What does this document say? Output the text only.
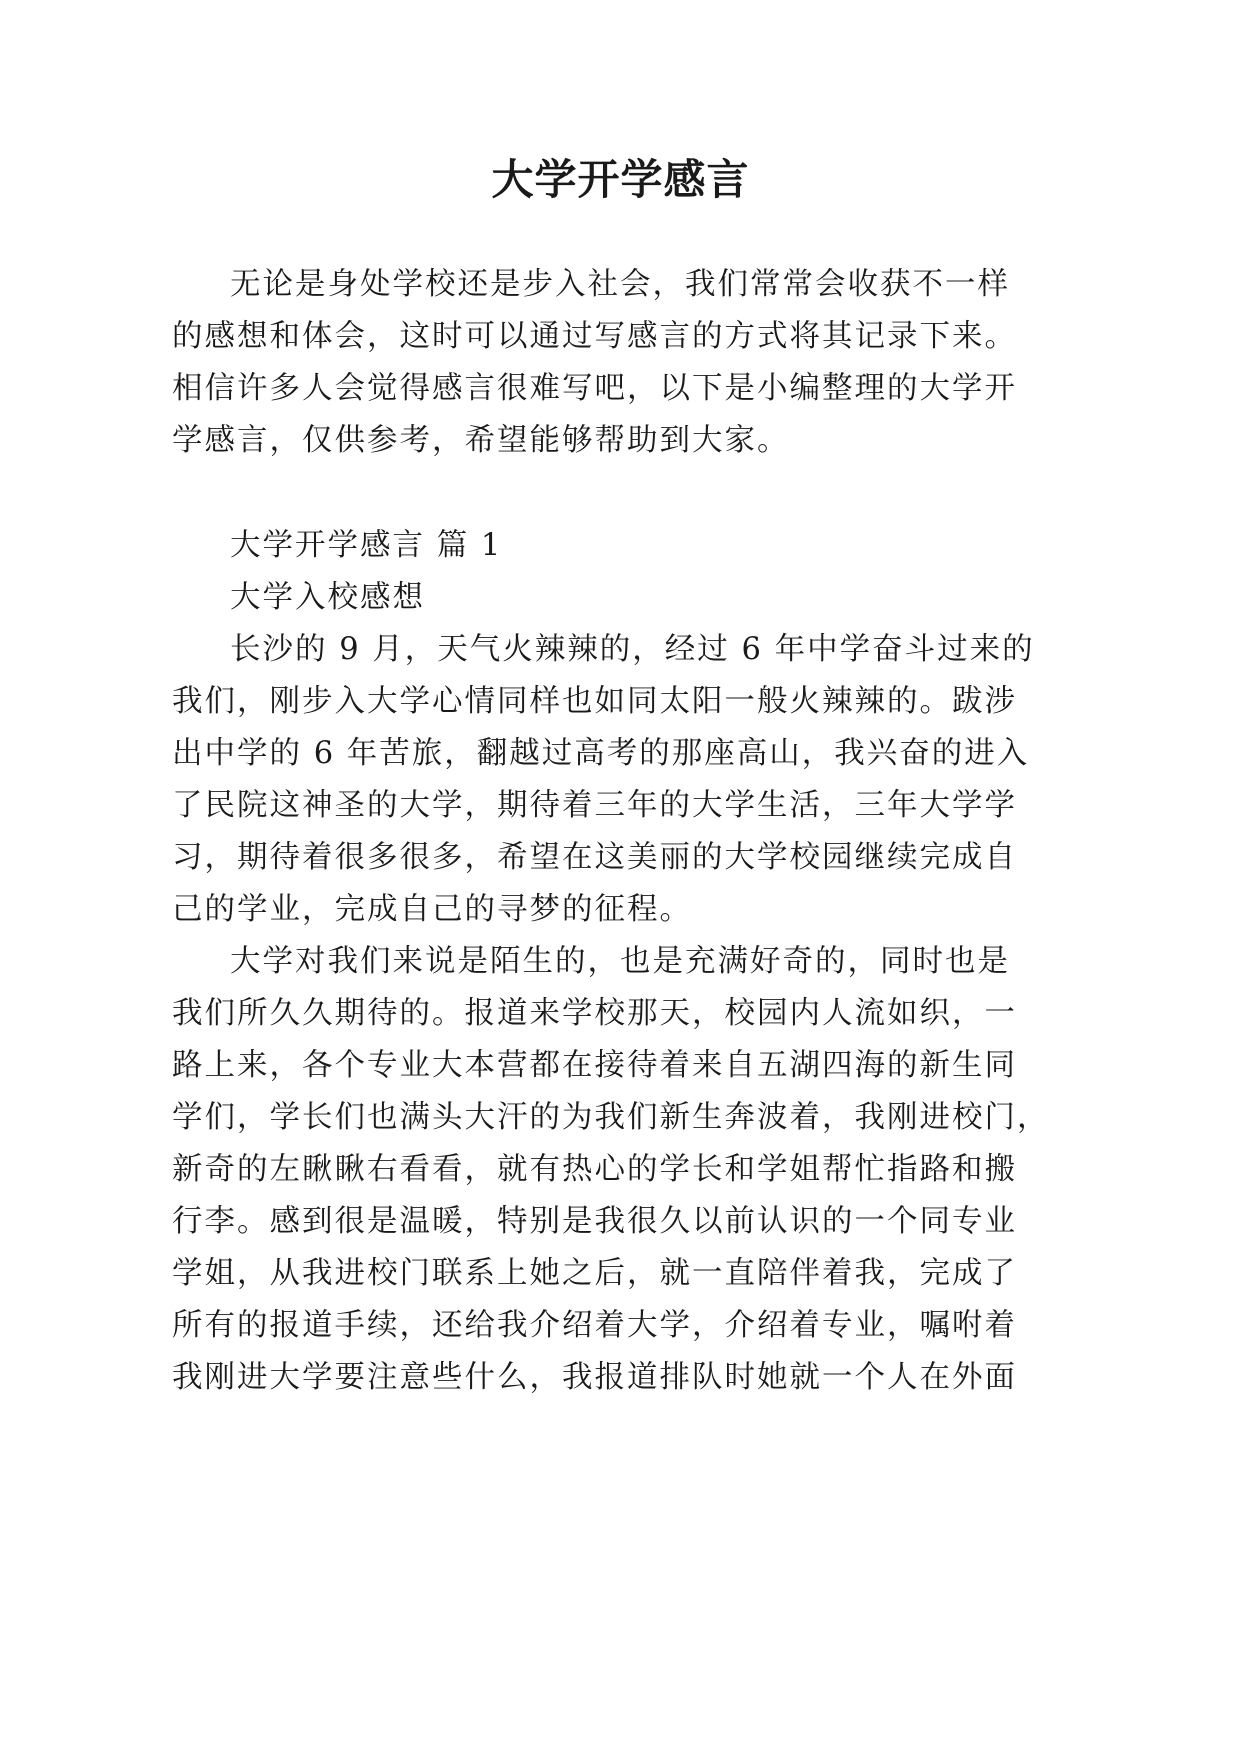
大学开学感言
无论是身处学校还是步入社会，我们常常会收获不一样
的感想和体会，这时可以通过写感言的方式将其记录下来。
相信许多人会觉得感言很难写吧，以下是小编整理的大学开
学感言，仅供参考，希望能够帮助到大家。
大学开学感言 篇 1
大学入校感想
长沙的 9 月，天气火辣辣的，经过 6 年中学奋斗过来的
我们，刚步入大学心情同样也如同太阳一般火辣辣的。跋涉
出中学的 6 年苦旅，翻越过高考的那座高山，我兴奋的进入
了民院这神圣的大学，期待着三年的大学生活，三年大学学
习，期待着很多很多，希望在这美丽的大学校园继续完成自
己的学业，完成自己的寻梦的征程。
大学对我们来说是陌生的，也是充满好奇的，同时也是
我们所久久期待的。报道来学校那天，校园内人流如织，一
路上来，各个专业大本营都在接待着来自五湖四海的新生同
学们，学长们也满头大汗的为我们新生奔波着，我刚进校门，
新奇的左瞅瞅右看看，就有热心的学长和学姐帮忙指路和搬
行李。感到很是温暖，特别是我很久以前认识的一个同专业
学姐，从我进校门联系上她之后，就一直陪伴着我，完成了
所有的报道手续，还给我介绍着大学，介绍着专业，嘱咐着
我刚进大学要注意些什么，我报道排队时她就一个人在外面
